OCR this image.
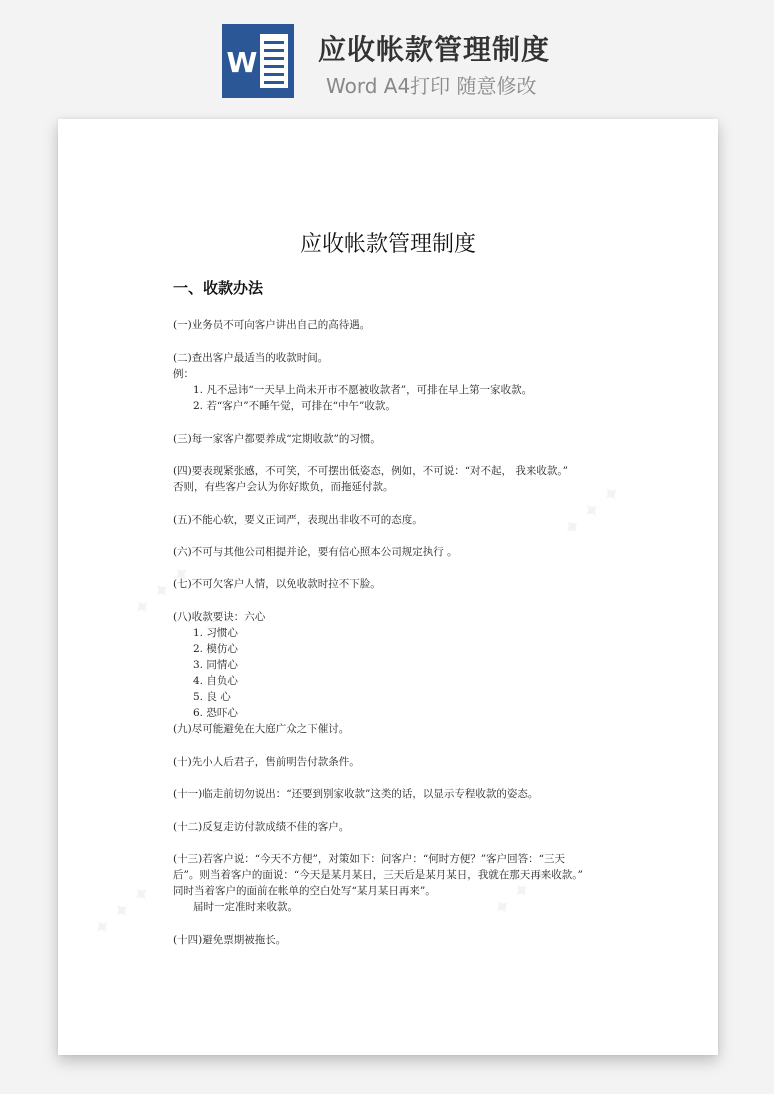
W 应收帐款管理制度
Word A4打印 随意修改
✦ ✦ ✦
✦ ✦ ✦
✦ ✦ ✦	✦ ✦ ✦
应收帐款管理制度
一、收款办法
(一)业务员不可向客户讲出自己的高待遇。
(二)查出客户最适当的收款时间。
例：
1. 凡不忌讳“一天早上尚未开市不愿被收款者”，可排在早上第一家收款。
2. 若“客户”不睡午觉，可排在“中午”收款。
(三)每一家客户都要养成“定期收款”的习惯。
(四)要表现紧张感，不可笑，不可摆出低姿态，例如，不可说：“对不起， 我来收款。”
否则，有些客户会认为你好欺负，而拖延付款。
(五)不能心软，要义正词严，表现出非收不可的态度。
(六)不可与其他公司相提并论，要有信心照本公司规定执行 。
(七)不可欠客户人情，以免收款时拉不下脸。
(八)收款要诀：六心
1. 习惯心
2. 模仿心
3. 同情心
4. 自负心
5. 良 心
6. 恐吓心
(九)尽可能避免在大庭广众之下催讨。
(十)先小人后君子，售前明告付款条件。
(十一)临走前切勿说出：“还要到别家收款”这类的话，以显示专程收款的姿态。
(十二)反复走访付款成绩不佳的客户。
(十三)若客户说：“今天不方便”，对策如下：问客户：“何时方便？”客户回答：“三天
后”。则当着客户的面说：“今天是某月某日，三天后是某月某日，我就在那天再来收款。”
同时当着客户的面前在帐单的空白处写“某月某日再来”。
届时一定准时来收款。
(十四)避免票期被拖长。
